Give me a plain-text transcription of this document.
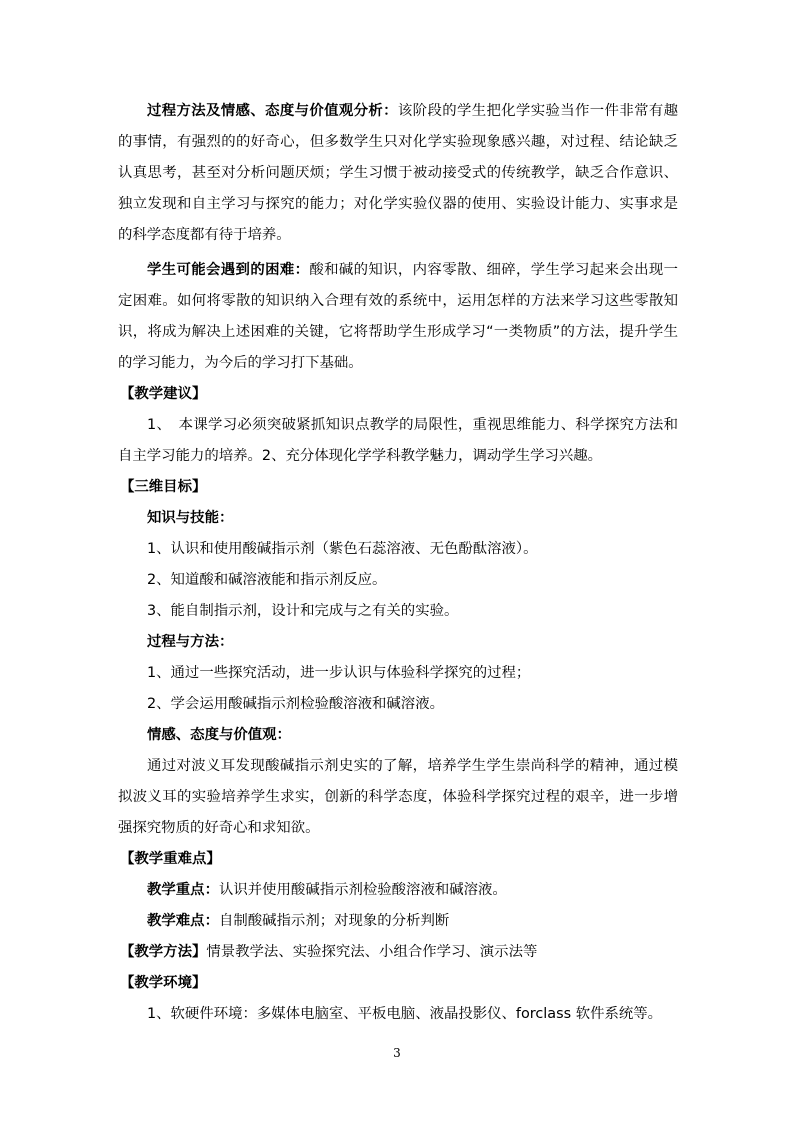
过程方法及情感、态度与价值观分析：该阶段的学生把化学实验当作一件非常有趣的事情，有强烈的的好奇心，但多数学生只对化学实验现象感兴趣，对过程、结论缺乏认真思考，甚至对分析问题厌烦；学生习惯于被动接受式的传统教学，缺乏合作意识、独立发现和自主学习与探究的能力；对化学实验仪器的使用、实验设计能力、实事求是的科学态度都有待于培养。

学生可能会遇到的困难：酸和碱的知识，内容零散、细碎，学生学习起来会出现一定困难。如何将零散的知识纳入合理有效的系统中，运用怎样的方法来学习这些零散知识，将成为解决上述困难的关键，它将帮助学生形成学习“一类物质”的方法，提升学生的学习能力，为今后的学习打下基础。

【教学建议】

1、　本课学习必须突破紧抓知识点教学的局限性，重视思维能力、科学探究方法和自主学习能力的培养。2、充分体现化学学科教学魅力，调动学生学习兴趣。

【三维目标】

知识与技能：

1、认识和使用酸碱指示剂（紫色石蕊溶液、无色酚酞溶液）。

2、知道酸和碱溶液能和指示剂反应。

3、能自制指示剂，设计和完成与之有关的实验。

过程与方法：

1、通过一些探究活动，进一步认识与体验科学探究的过程；

2、学会运用酸碱指示剂检验酸溶液和碱溶液。

情感、态度与价值观：

通过对波义耳发现酸碱指示剂史实的了解，培养学生学生崇尚科学的精神，通过模拟波义耳的实验培养学生求实，创新的科学态度，体验科学探究过程的艰辛，进一步增强探究物质的好奇心和求知欲。

【教学重难点】

教学重点：认识并使用酸碱指示剂检验酸溶液和碱溶液。

教学难点：自制酸碱指示剂；对现象的分析判断

【教学方法】情景教学法、实验探究法、小组合作学习、演示法等

【教学环境】

1、软硬件环境：多媒体电脑室、平板电脑、液晶投影仪、forclass 软件系统等。

3
